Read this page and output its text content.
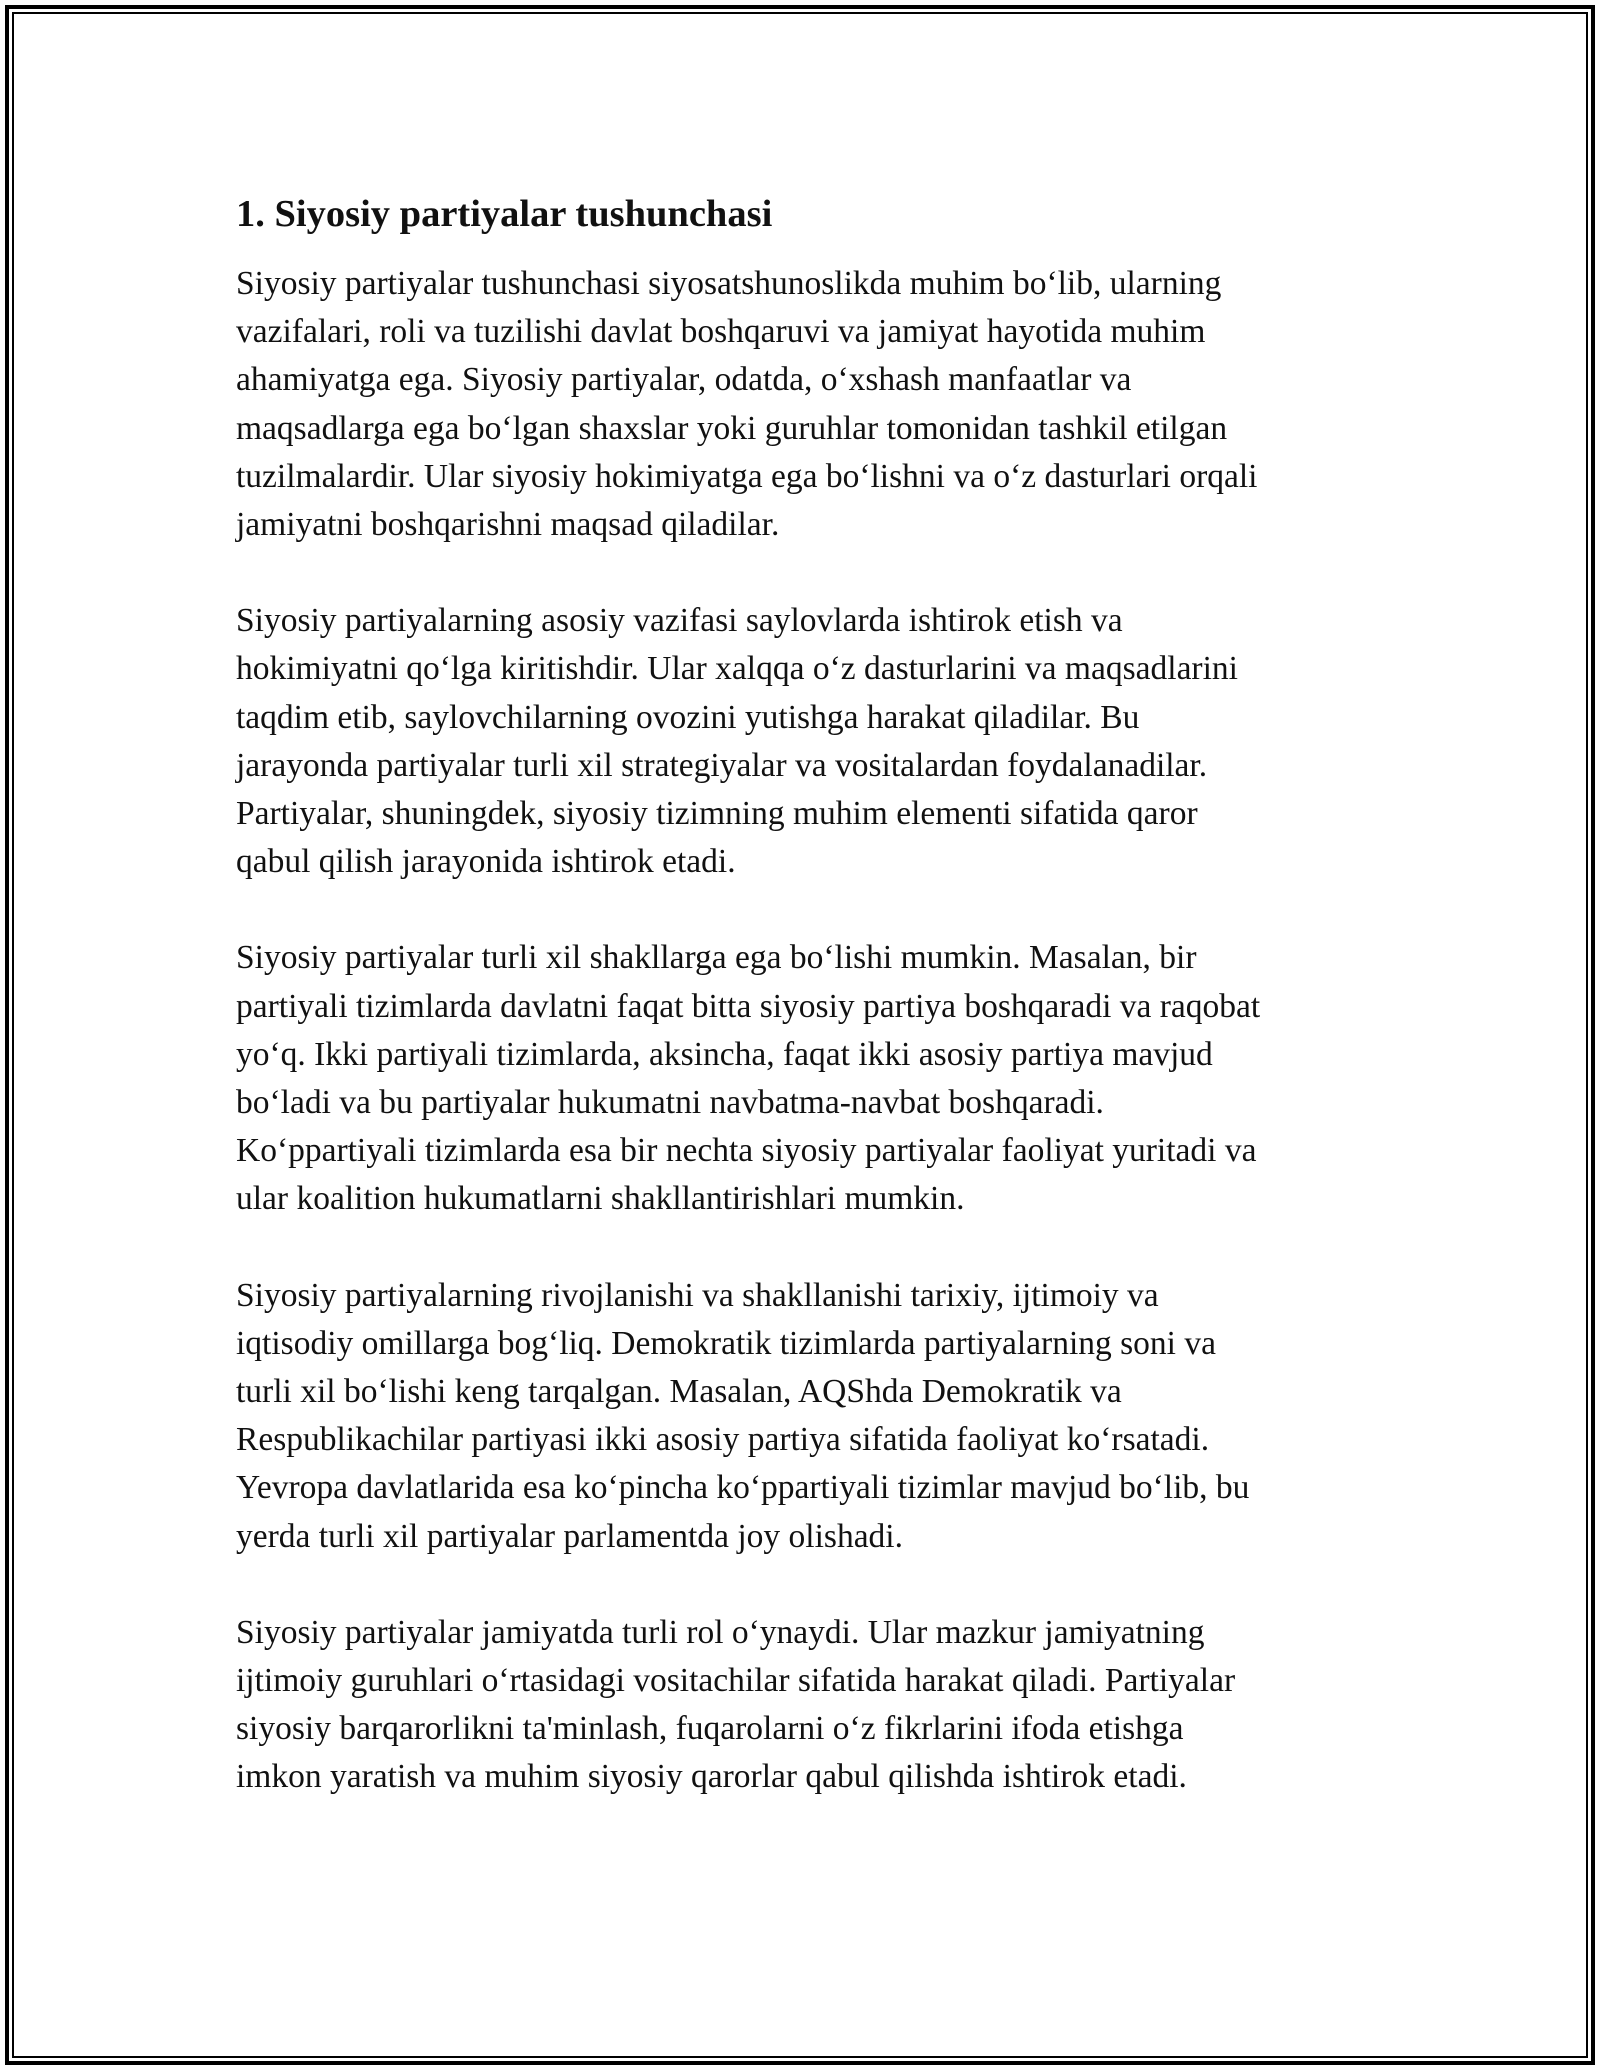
1. Siyosiy partiyalar tushunchasi

Siyosiy partiyalar tushunchasi siyosatshunoslikda muhim boʻlib, ularning
vazifalari, roli va tuzilishi davlat boshqaruvi va jamiyat hayotida muhim
ahamiyatga ega. Siyosiy partiyalar, odatda, oʻxshash manfaatlar va
maqsadlarga ega boʻlgan shaxslar yoki guruhlar tomonidan tashkil etilgan
tuzilmalardir. Ular siyosiy hokimiyatga ega boʻlishni va oʻz dasturlari orqali
jamiyatni boshqarishni maqsad qiladilar.

Siyosiy partiyalarning asosiy vazifasi saylovlarda ishtirok etish va
hokimiyatni qoʻlga kiritishdir. Ular xalqqa oʻz dasturlarini va maqsadlarini
taqdim etib, saylovchilarning ovozini yutishga harakat qiladilar. Bu
jarayonda partiyalar turli xil strategiyalar va vositalardan foydalanadilar.
Partiyalar, shuningdek, siyosiy tizimning muhim elementi sifatida qaror
qabul qilish jarayonida ishtirok etadi.

Siyosiy partiyalar turli xil shakllarga ega boʻlishi mumkin. Masalan, bir
partiyali tizimlarda davlatni faqat bitta siyosiy partiya boshqaradi va raqobat
yoʻq. Ikki partiyali tizimlarda, aksincha, faqat ikki asosiy partiya mavjud
boʻladi va bu partiyalar hukumatni navbatma-navbat boshqaradi.
Koʻppartiyali tizimlarda esa bir nechta siyosiy partiyalar faoliyat yuritadi va
ular koalition hukumatlarni shakllantirishlari mumkin.

Siyosiy partiyalarning rivojlanishi va shakllanishi tarixiy, ijtimoiy va
iqtisodiy omillarga bogʻliq. Demokratik tizimlarda partiyalarning soni va
turli xil boʻlishi keng tarqalgan. Masalan, AQShda Demokratik va
Respublikachilar partiyasi ikki asosiy partiya sifatida faoliyat koʻrsatadi.
Yevropa davlatlarida esa koʻpincha koʻppartiyali tizimlar mavjud boʻlib, bu
yerda turli xil partiyalar parlamentda joy olishadi.

Siyosiy partiyalar jamiyatda turli rol oʻynaydi. Ular mazkur jamiyatning
ijtimoiy guruhlari oʻrtasidagi vositachilar sifatida harakat qiladi. Partiyalar
siyosiy barqarorlikni ta'minlash, fuqarolarni oʻz fikrlarini ifoda etishga
imkon yaratish va muhim siyosiy qarorlar qabul qilishda ishtirok etadi.
